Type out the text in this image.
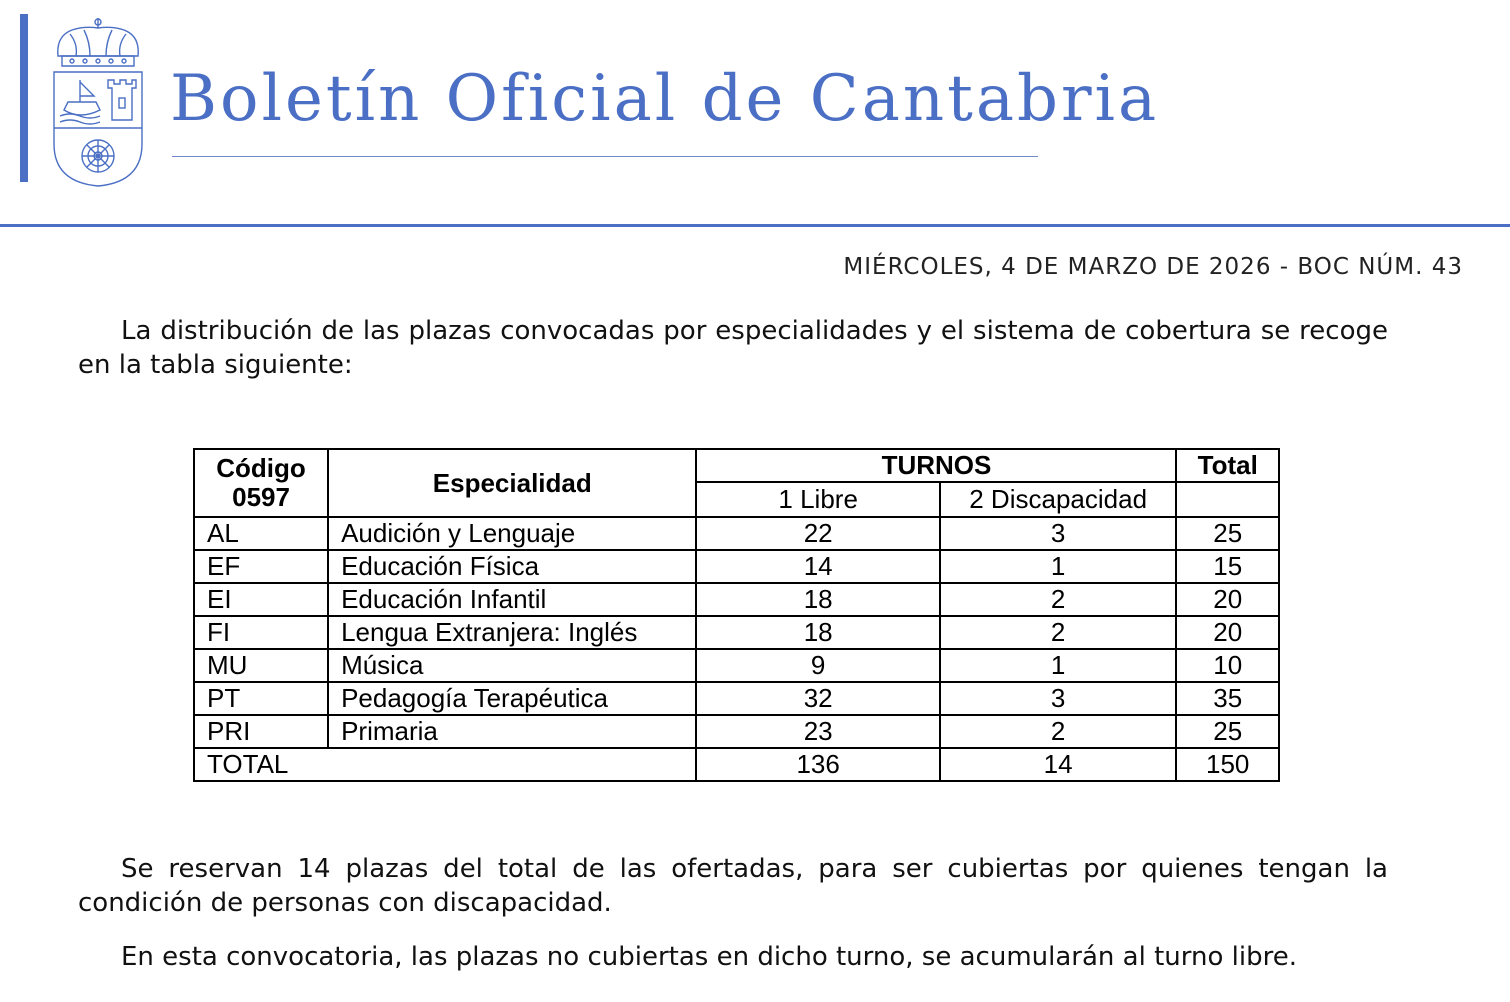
Boletín Oficial de Cantabria
MIÉRCOLES, 4 DE MARZO DE 2026 - BOC NÚM. 43

La distribución de las plazas convocadas por especialidades y el sistema de cobertura se recoge en la tabla siguiente:

Código
0597	Especialidad	TURNOS		Total
		1 Libre	2 Discapacidad	
AL	Audición y Lenguaje	22	3	25
EF	Educación Física	14	1	15
EI	Educación Infantil	18	2	20
FI	Lengua Extranjera: Inglés	18	2	20
MU	Música	9	1	10
PT	Pedagogía Terapéutica	32	3	35
PRI	Primaria	23	2	25
TOTAL		136	14	150

Se reservan 14 plazas del total de las ofertadas, para ser cubiertas por quienes tengan la condición de personas con discapacidad.

En esta convocatoria, las plazas no cubiertas en dicho turno, se acumularán al turno libre.
